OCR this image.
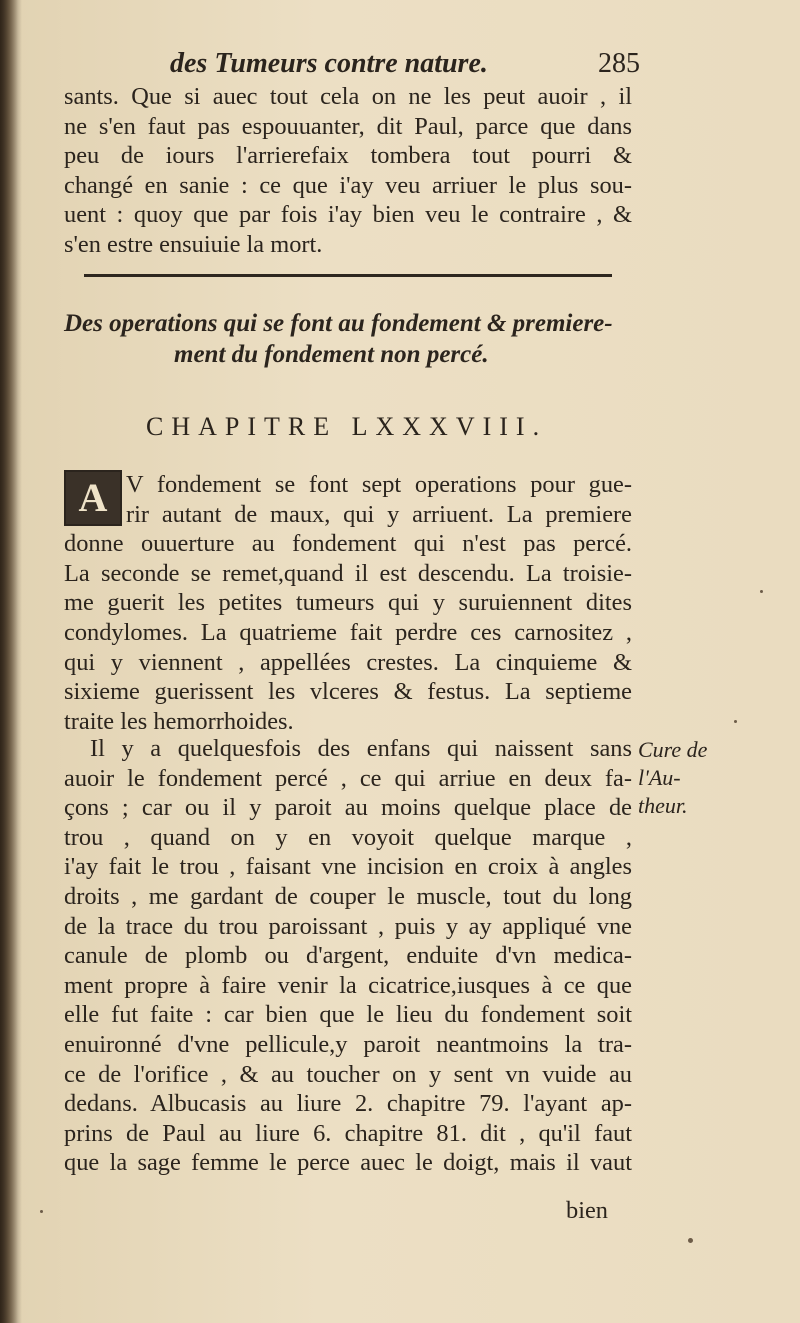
des Tumeurs contre nature.	285
sants. Que si auec tout cela on ne les peut auoir , il
ne s'en faut pas espouuanter, dit Paul, parce que dans
peu de iours l'arrierefaix tombera tout pourri &
changé en sanie : ce que i'ay veu arriuer le plus sou-
uent : quoy que par fois i'ay bien veu le contraire , &
s'en estre ensuiuie la mort.
Des operations qui se font au fondement & premiere-
ment du fondement non percé.
CHAPITRE LXXXVIII.
A V fondement se font sept operations pour gue-
rir autant de maux, qui y arriuent. La premiere
donne ouuerture au fondement qui n'est pas percé.
La seconde se remet,quand il est descendu. La troisie-
me guerit les petites tumeurs qui y suruiennent dites
condylomes. La quatrieme fait perdre ces carnositez ,
qui y viennent , appellées crestes. La cinquieme &
sixieme guerissent les vlceres & festus. La septieme
traite les hemorrhoides.
Il y a quelquesfois des enfans qui naissent sans
auoir le fondement percé , ce qui arriue en deux fa-
çons ; car ou il y paroit au moins quelque place de
trou , quand on y en voyoit quelque marque ,
i'ay fait le trou , faisant vne incision en croix à angles
droits , me gardant de couper le muscle, tout du long
de la trace du trou paroissant , puis y ay appliqué vne
canule de plomb ou d'argent, enduite d'vn medica-
ment propre à faire venir la cicatrice,iusques à ce que
elle fut faite : car bien que le lieu du fondement soit
enuironné d'vne pellicule,y paroit neantmoins la tra-
ce de l'orifice , & au toucher on y sent vn vuide au
dedans. Albucasis au liure 2. chapitre 79. l'ayant ap-
prins de Paul au liure 6. chapitre 81. dit , qu'il faut
que la sage femme le perce auec le doigt, mais il vaut
Cure de
l'Au-
theur.
bien
